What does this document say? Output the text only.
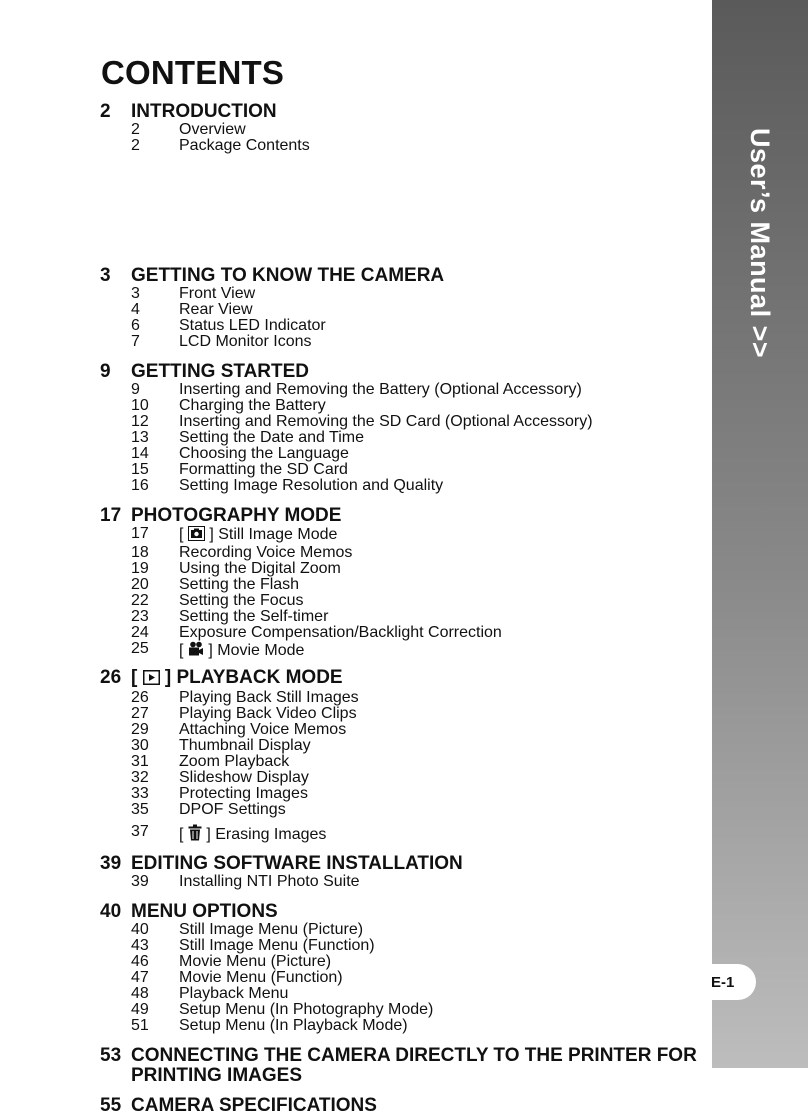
User’s Manual >>
E-1
CONTENTS
2	INTRODUCTION
2	Overview
2	Package Contents
3	GETTING TO KNOW THE CAMERA
3	Front View
4	Rear View
6	Status LED Indicator
7	LCD Monitor Icons
9	GETTING STARTED
9	Inserting and Removing the Battery (Optional Accessory)
10	Charging the Battery
12	Inserting and Removing the SD Card (Optional Accessory)
13	Setting the Date and Time
14	Choosing the Language
15	Formatting the SD Card
16	Setting Image Resolution and Quality
17 PHOTOGRAPHY MODE
17	[  ] Still Image Mode
18	Recording Voice Memos
19	Using the Digital Zoom
20	Setting the Flash
22	Setting the Focus
23	Setting the Self-timer
24	Exposure Compensation/Backlight Correction
25	[  ] Movie Mode
26 [  ] PLAYBACK MODE
26	Playing Back Still Images
27	Playing Back Video Clips
29	Attaching Voice Memos
30	Thumbnail Display
31	Zoom Playback
32	Slideshow Display
33	Protecting Images
35	DPOF Settings
37	[  ] Erasing Images
39 EDITING SOFTWARE INSTALLATION
39	Installing NTI Photo Suite
40 MENU OPTIONS
40	Still Image Menu (Picture)
43	Still Image Menu (Function)
46	Movie Menu (Picture)
47	Movie Menu (Function)
48	Playback Menu
49	Setup Menu (In Photography Mode)
51	Setup Menu (In Playback Mode)
53 CONNECTING THE CAMERA DIRECTLY TO THE PRINTER FOR
PRINTING IMAGES
55 CAMERA SPECIFICATIONS
